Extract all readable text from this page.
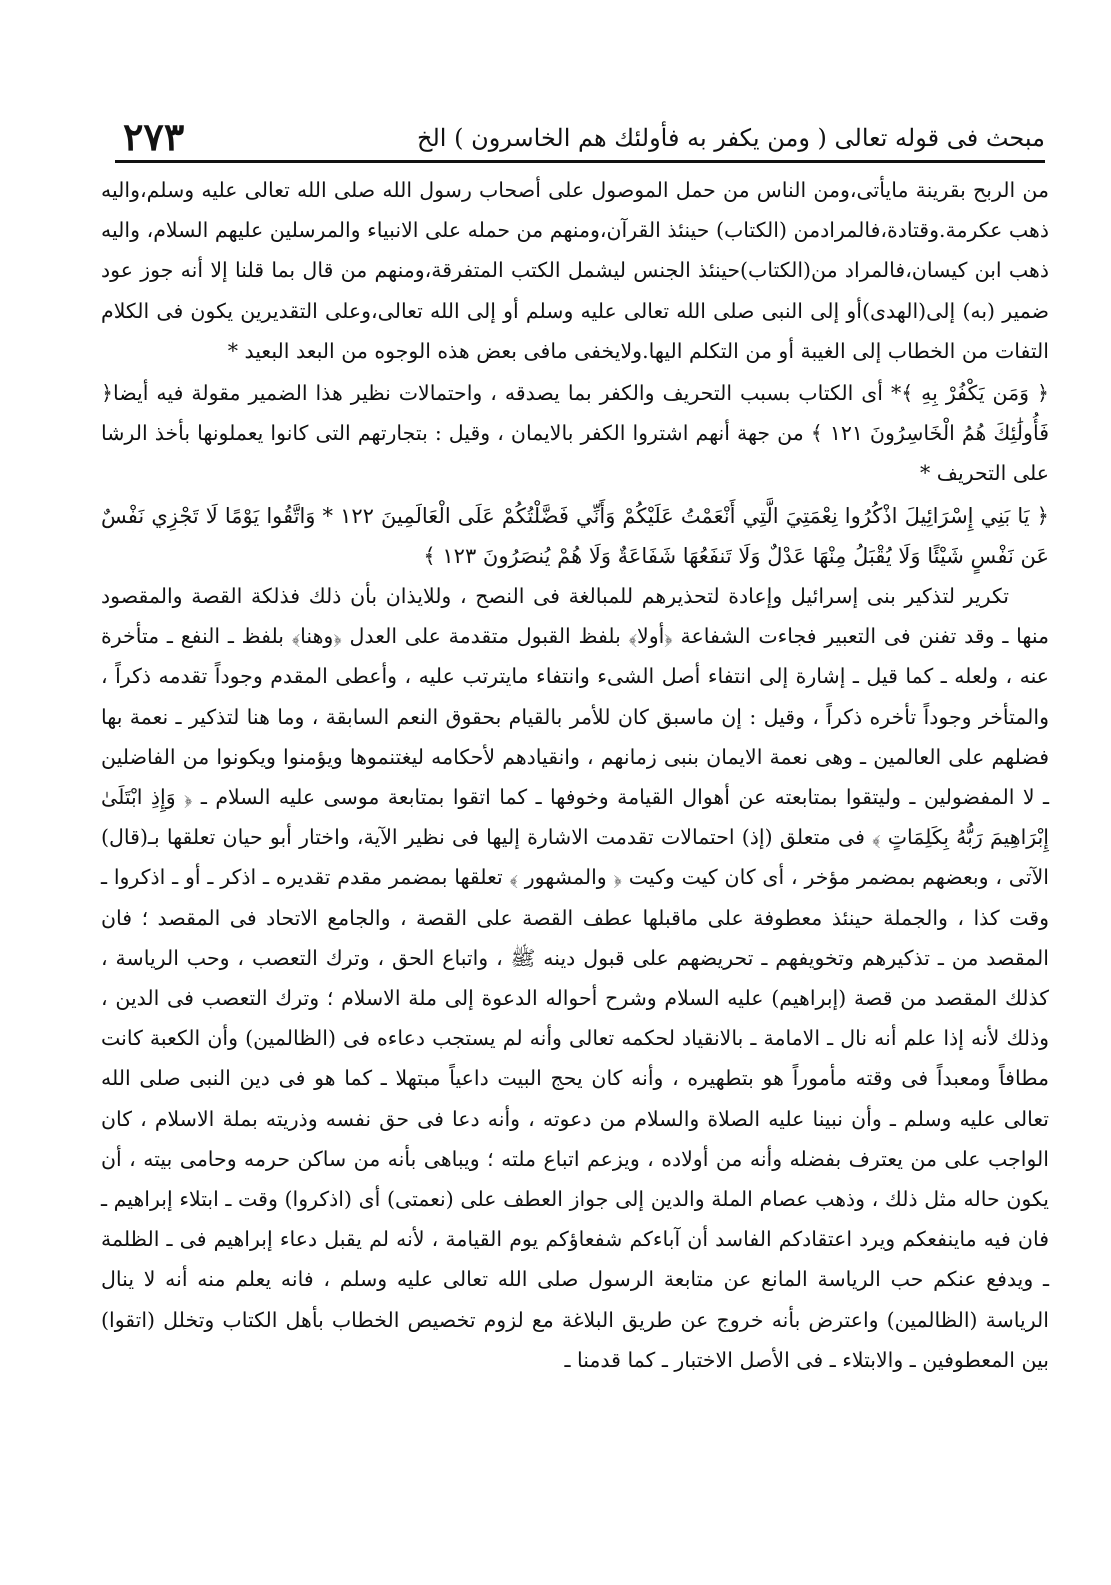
مبحث فى قوله تعالى ( ومن يكفر به فأولئك هم الخاسرون ) الخ
٢٧٣

من الربح بقرينة مايأتى،ومن الناس من حمل الموصول على أصحاب رسول الله صلى الله تعالى عليه وسلم،واليه ذهب عكرمة.وقتادة،فالمرادمن (الكتاب) حينئذ القرآن،ومنهم من حمله على الانبياء والمرسلين عليهم السلام، واليه ذهب ابن كيسان،فالمراد من(الكتاب)حينئذ الجنس ليشمل الكتب المتفرقة،ومنهم من قال بما قلنا إلا أنه جوز عود ضمير (به) إلى(الهدى)أو إلى النبى صلى الله تعالى عليه وسلم أو إلى الله تعالى،وعلى التقديرين يكون فى الكلام التفات من الخطاب إلى الغيبة أو من التكلم اليها.ولايخفى مافى بعض هذه الوجوه من البعد البعيد *

﴿ وَمَن يَكْفُرْ بِهِ ﴾* أى الكتاب بسبب التحريف والكفر بما يصدقه ، واحتمالات نظير هذا الضمير مقولة فيه أيضا﴿ فَأُولَٰئِكَ هُمُ الْخَاسِرُونَ ١٢١ ﴾ من جهة أنهم اشتروا الكفر بالايمان ، وقيل : بتجارتهم التى كانوا يعملونها بأخذ الرشا على التحريف *

﴿ يَا بَنِي إِسْرَائِيلَ اذْكُرُوا نِعْمَتِيَ الَّتِي أَنْعَمْتُ عَلَيْكُمْ وَأَنِّي فَضَّلْتُكُمْ عَلَى الْعَالَمِينَ ١٢٢ * وَاتَّقُوا يَوْمًا لَا تَجْزِي نَفْسٌ عَن نَفْسٍ شَيْئًا وَلَا يُقْبَلُ مِنْهَا عَدْلٌ وَلَا تَنفَعُهَا شَفَاعَةٌ وَلَا هُمْ يُنصَرُونَ ١٢٣ ﴾

تكرير لتذكير بنى إسرائيل وإعادة لتحذيرهم للمبالغة فى النصح ، وللايذان بأن ذلك فذلكة القصة والمقصود منها ـ وقد تفنن فى التعبير فجاءت الشفاعة ﴿أولا﴾ بلفظ القبول متقدمة على العدل ﴿وهنا﴾ بلفظ ـ النفع ـ متأخرة عنه ، ولعله ـ كما قيل ـ إشارة إلى انتفاء أصل الشىء وانتفاء مايترتب عليه ، وأعطى المقدم وجوداً تقدمه ذكراً ، والمتأخر وجوداً تأخره ذكراً ، وقيل : إن ماسبق كان للأمر بالقيام بحقوق النعم السابقة ، وما هنا لتذكير ـ نعمة بها فضلهم على العالمين ـ وهى نعمة الايمان بنبى زمانهم ، وانقيادهم لأحكامه ليغتنموها ويؤمنوا ويكونوا من الفاضلين ـ لا المفضولين ـ وليتقوا بمتابعته عن أهوال القيامة وخوفها ـ كما اتقوا بمتابعة موسى عليه السلام ـ ﴿ وَإِذِ ابْتَلَىٰ إِبْرَاهِيمَ رَبُّهُ بِكَلِمَاتٍ ﴾ فى متعلق (إذ) احتمالات تقدمت الاشارة إليها فى نظير الآية، واختار أبو حيان تعلقها بـ(قال) الآتى ، وبعضهم بمضمر مؤخر ، أى كان كيت وكيت ﴿ والمشهور ﴾ تعلقها بمضمر مقدم تقديره ـ اذكر ـ أو ـ اذكروا ـ وقت كذا ، والجملة حينئذ معطوفة على ماقبلها عطف القصة على القصة ، والجامع الاتحاد فى المقصد ؛ فان المقصد من ـ تذكيرهم وتخويفهم ـ تحريضهم على قبول دينه ﷺ ، واتباع الحق ، وترك التعصب ، وحب الرياسة ، كذلك المقصد من قصة (إبراهيم) عليه السلام وشرح أحواله الدعوة إلى ملة الاسلام ؛ وترك التعصب فى الدين ، وذلك لأنه إذا علم أنه نال ـ الامامة ـ بالانقياد لحكمه تعالى وأنه لم يستجب دعاءه فى (الظالمين) وأن الكعبة كانت مطافاً ومعبداً فى وقته مأموراً هو بتطهيره ، وأنه كان يحج البيت داعياً مبتهلا ـ كما هو فى دين النبى صلى الله تعالى عليه وسلم ـ وأن نبينا عليه الصلاة والسلام من دعوته ، وأنه دعا فى حق نفسه وذريته بملة الاسلام ، كان الواجب على من يعترف بفضله وأنه من أولاده ، ويزعم اتباع ملته ؛ ويباهى بأنه من ساكن حرمه وحامى بيته ، أن يكون حاله مثل ذلك ، وذهب عصام الملة والدين إلى جواز العطف على (نعمتى) أى (اذكروا) وقت ـ ابتلاء إبراهيم ـ فان فيه ماينفعكم ويرد اعتقادكم الفاسد أن آباءكم شفعاؤكم يوم القيامة ، لأنه لم يقبل دعاء إبراهيم فى ـ الظلمة ـ ويدفع عنكم حب الرياسة المانع عن متابعة الرسول صلى الله تعالى عليه وسلم ، فانه يعلم منه أنه لا ينال الرياسة (الظالمين) واعترض بأنه خروج عن طريق البلاغة مع لزوم تخصيص الخطاب بأهل الكتاب وتخلل (اتقوا) بين المعطوفين ـ والابتلاء ـ فى الأصل الاختبار ـ كما قدمنا ـ
